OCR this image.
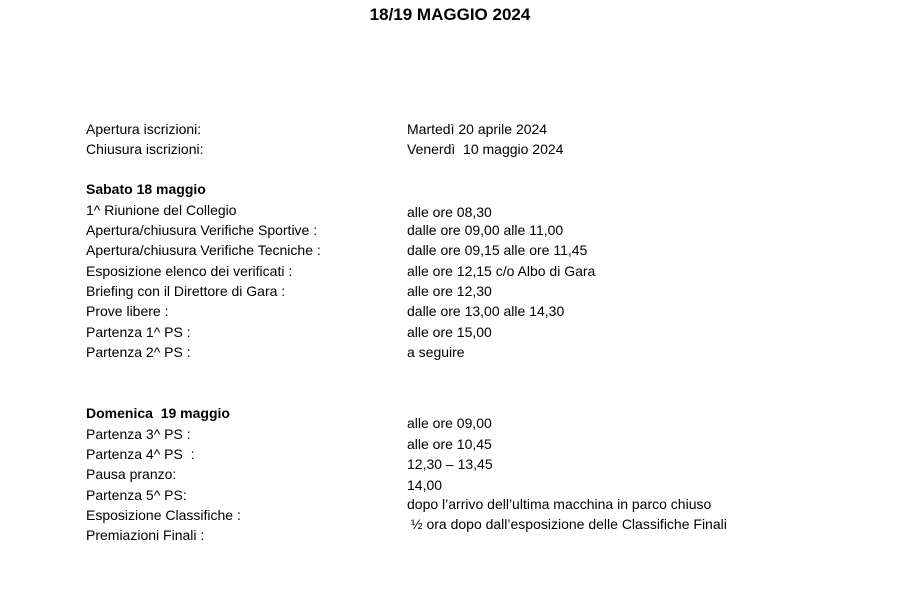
18/19 MAGGIO 2024
Apertura iscrizioni:	Martedì 20 aprile 2024
Chiusura iscrizioni:	Venerdì  10 maggio 2024
Sabato 18 maggio
1^ Riunione del Collegio
Apertura/chiusura Verifiche Sportive :
Apertura/chiusura Verifiche Tecniche :
Esposizione elenco dei verificati :
Briefing con il Direttore di Gara :
Prove libere :
Partenza 1^ PS :
Partenza 2^ PS :
alle ore 08,30
dalle ore 09,00 alle 11,00
dalle ore 09,15 alle ore 11,45
alle ore 12,15 c/o Albo di Gara
alle ore 12,30
dalle ore 13,00 alle 14,30
alle ore 15,00
a seguire
Domenica  19 maggio
Partenza 3^ PS :
Partenza 4^ PS  :
Pausa pranzo:
Partenza 5^ PS:
Esposizione Classifiche :
Premiazioni Finali :
alle ore 09,00
alle ore 10,45
12,30 – 13,45
14,00
dopo l’arrivo dell’ultima macchina in parco chiuso
½ ora dopo dall’esposizione delle Classifiche Finali
